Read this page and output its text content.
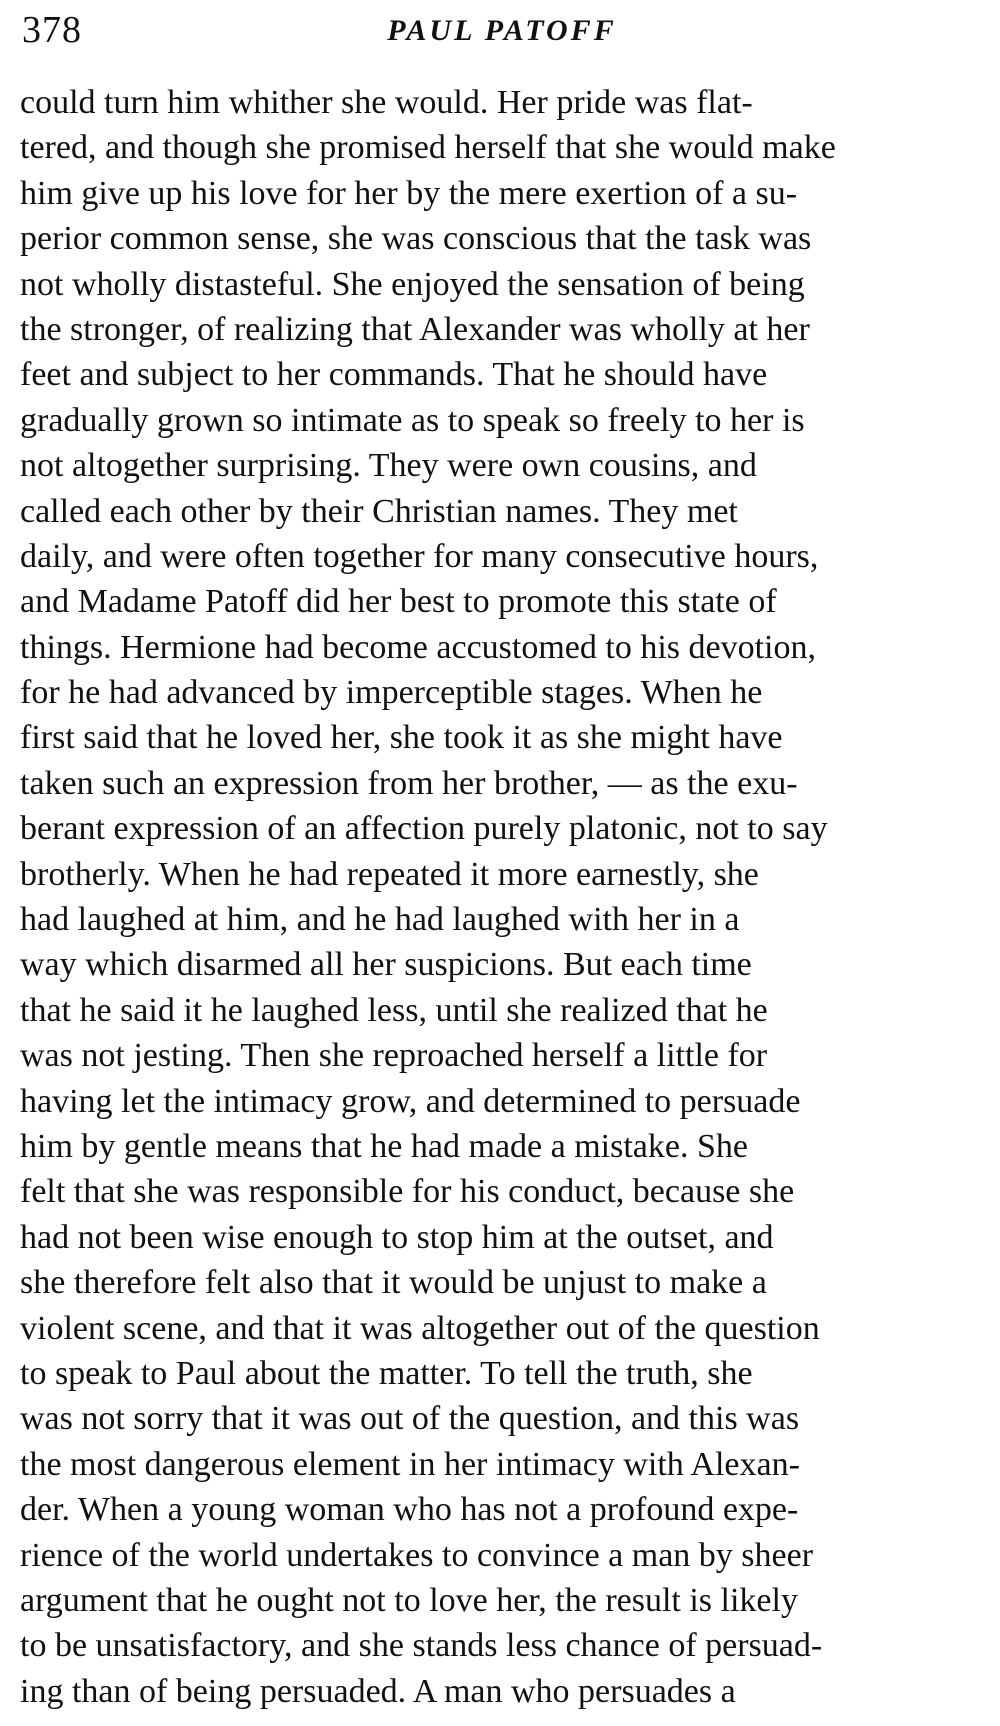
378	PAUL PATOFF
could turn him whither she would. Her pride was flat-
tered, and though she promised herself that she would make
him give up his love for her by the mere exertion of a su-
perior common sense, she was conscious that the task was
not wholly distasteful. She enjoyed the sensation of being
the stronger, of realizing that Alexander was wholly at her
feet and subject to her commands. That he should have
gradually grown so intimate as to speak so freely to her is
not altogether surprising. They were own cousins, and
called each other by their Christian names. They met
daily, and were often together for many consecutive hours,
and Madame Patoff did her best to promote this state of
things. Hermione had become accustomed to his devotion,
for he had advanced by imperceptible stages. When he
first said that he loved her, she took it as she might have
taken such an expression from her brother, — as the exu-
berant expression of an affection purely platonic, not to say
brotherly. When he had repeated it more earnestly, she
had laughed at him, and he had laughed with her in a
way which disarmed all her suspicions. But each time
that he said it he laughed less, until she realized that he
was not jesting. Then she reproached herself a little for
having let the intimacy grow, and determined to persuade
him by gentle means that he had made a mistake. She
felt that she was responsible for his conduct, because she
had not been wise enough to stop him at the outset, and
she therefore felt also that it would be unjust to make a
violent scene, and that it was altogether out of the question
to speak to Paul about the matter. To tell the truth, she
was not sorry that it was out of the question, and this was
the most dangerous element in her intimacy with Alexan-
der. When a young woman who has not a profound expe-
rience of the world undertakes to convince a man by sheer
argument that he ought not to love her, the result is likely
to be unsatisfactory, and she stands less chance of persuad-
ing than of being persuaded. A man who persuades a
